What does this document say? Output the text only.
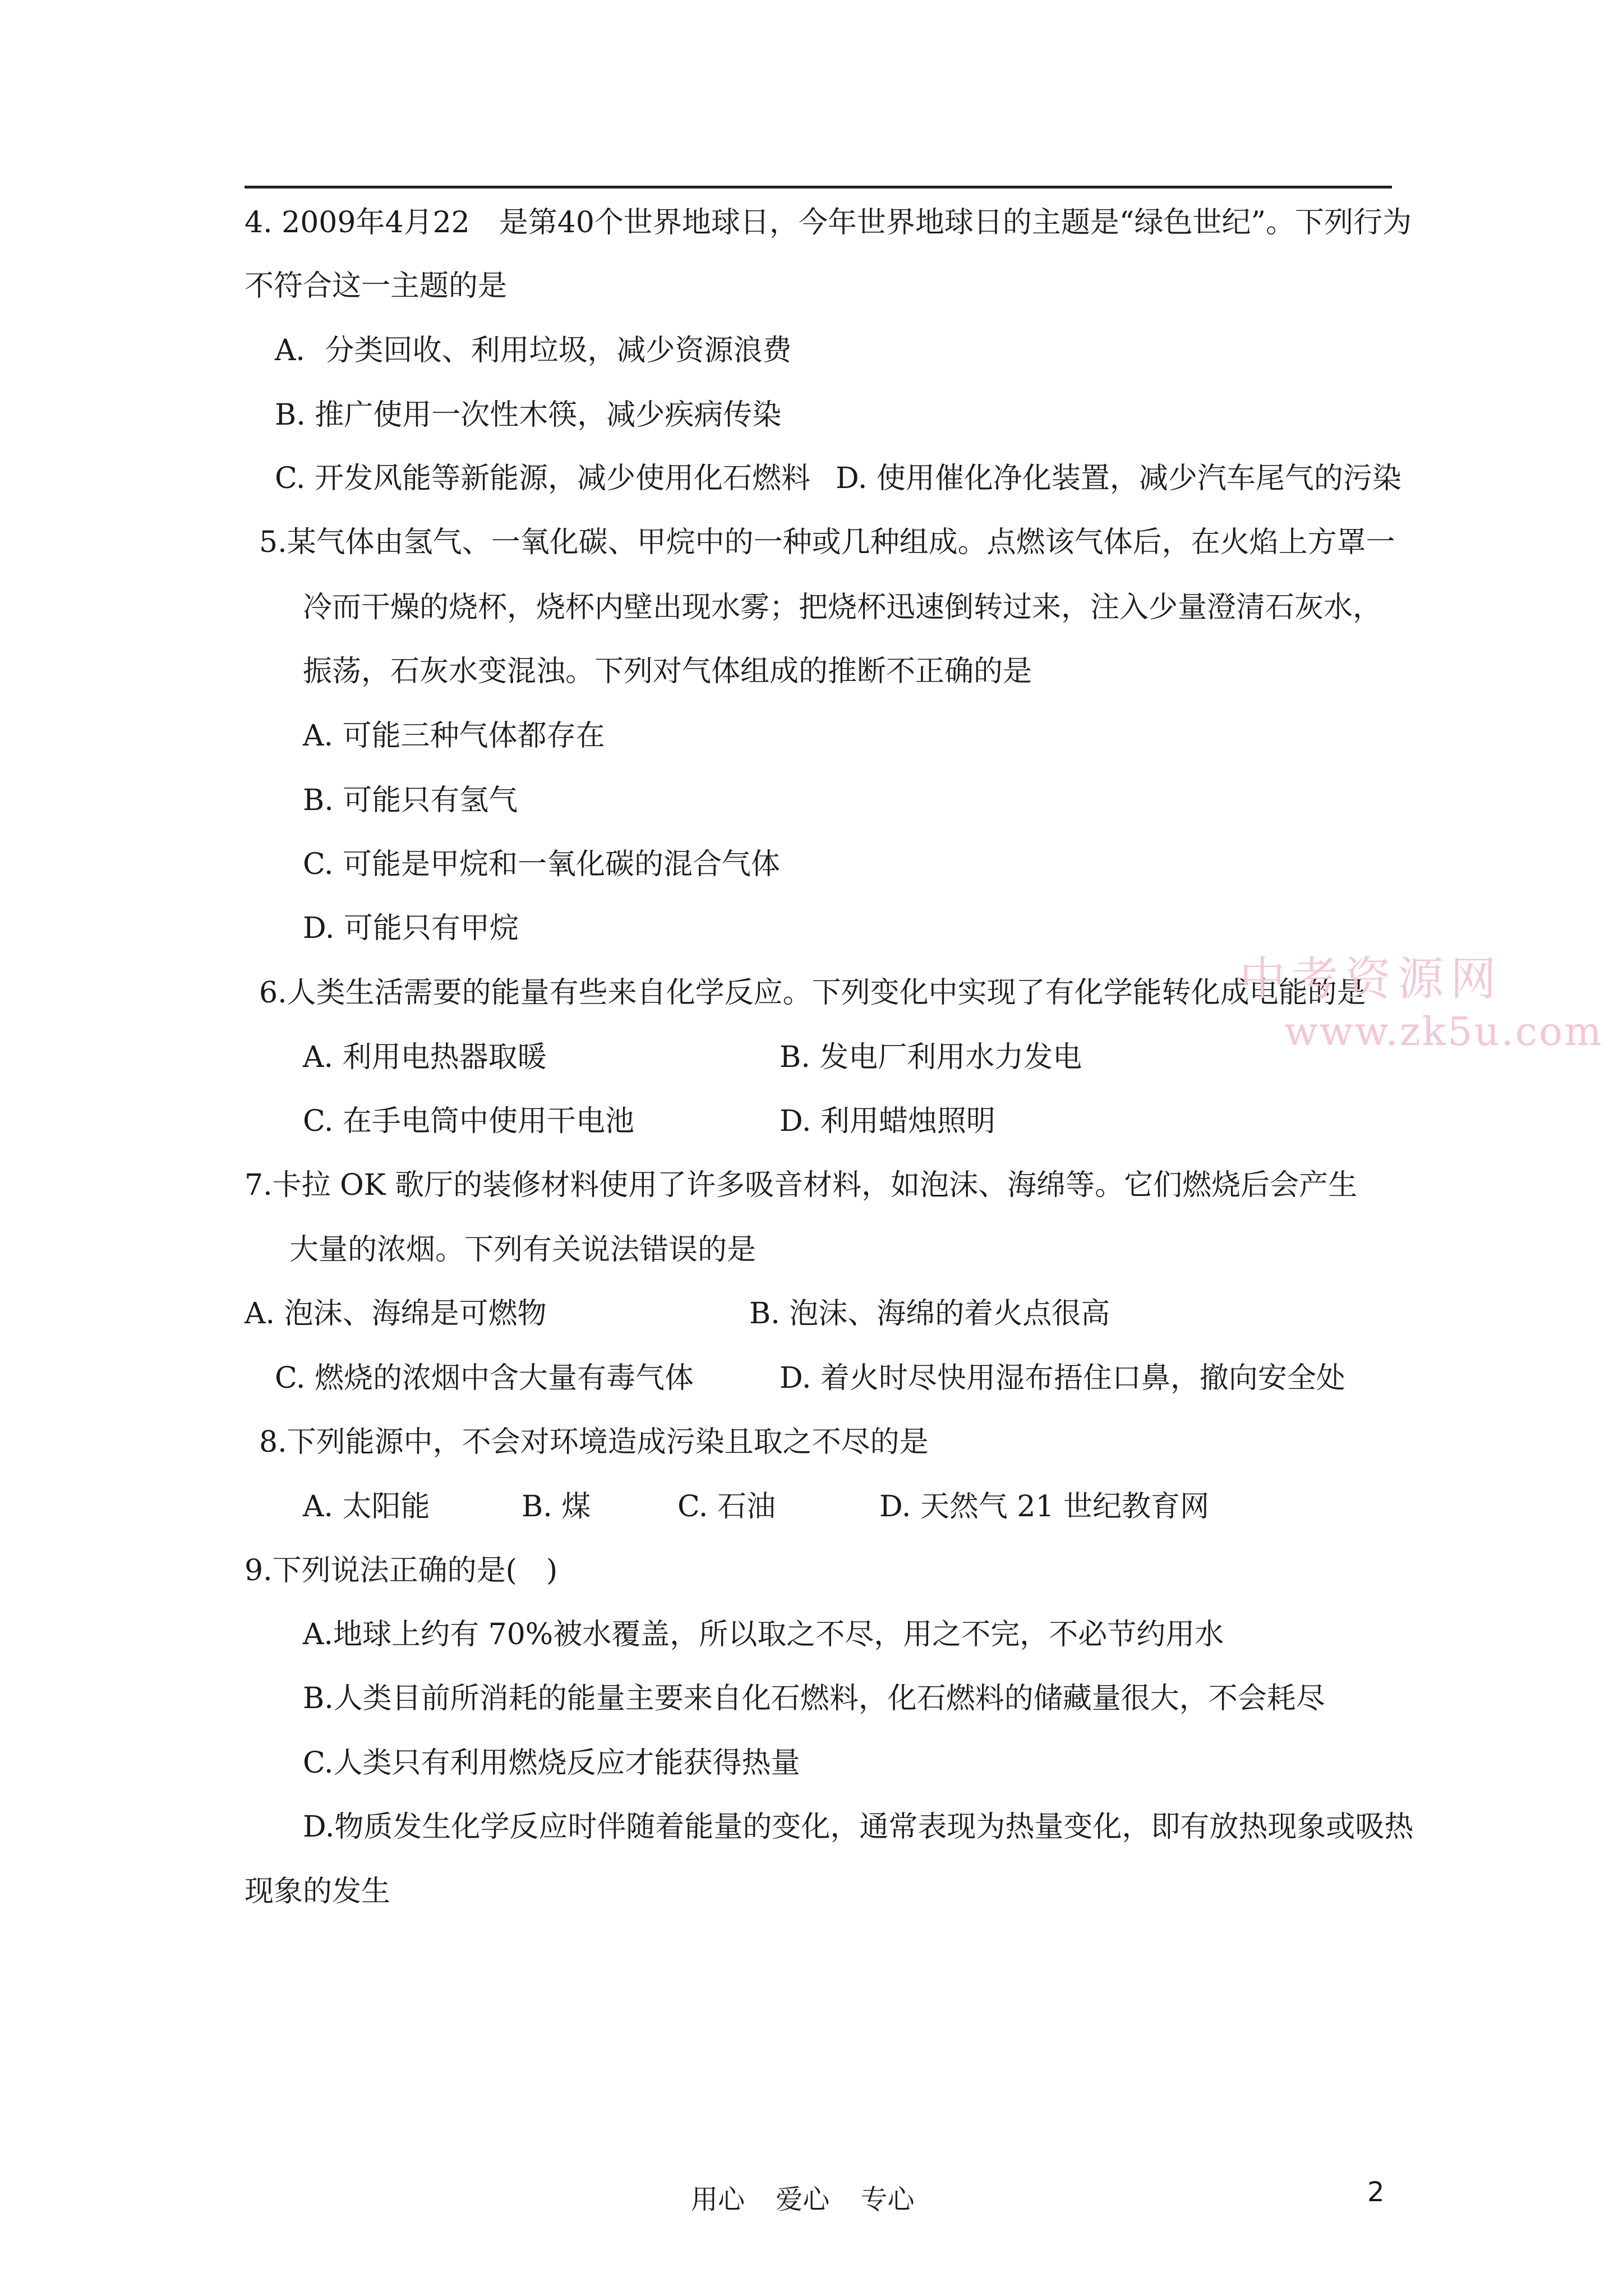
4. 2009年4月22　是第40个世界地球日，今年世界地球日的主题是“绿色世纪”。下列行为
不符合这一主题的是
A．分类回收、利用垃圾，减少资源浪费
B. 推广使用一次性木筷，减少疾病传染
C. 开发风能等新能源，减少使用化石燃料 D. 使用催化净化装置，减少汽车尾气的污染
5.某气体由氢气、一氧化碳、甲烷中的一种或几种组成。点燃该气体后，在火焰上方罩一
冷而干燥的烧杯，烧杯内壁出现水雾；把烧杯迅速倒转过来，注入少量澄清石灰水，
振荡，石灰水变混浊。下列对气体组成的推断不正确的是
A. 可能三种气体都存在
B. 可能只有氢气
C. 可能是甲烷和一氧化碳的混合气体
D. 可能只有甲烷
6.人类生活需要的能量有些来自化学反应。下列变化中实现了有化学能转化成电能的是
A. 利用电热器取暖	B. 发电厂利用水力发电
C. 在手电筒中使用干电池	D. 利用蜡烛照明
7.卡拉 OK 歌厅的装修材料使用了许多吸音材料，如泡沫、海绵等。它们燃烧后会产生
大量的浓烟。下列有关说法错误的是
A. 泡沫、海绵是可燃物	B. 泡沫、海绵的着火点很高
C. 燃烧的浓烟中含大量有毒气体	D. 着火时尽快用湿布捂住口鼻，撤向安全处
8.下列能源中，不会对环境造成污染且取之不尽的是
A. 太阳能	B. 煤	C. 石油	D. 天然气 21 世纪教育网
9.下列说法正确的是(　)
A.地球上约有 70%被水覆盖，所以取之不尽，用之不完，不必节约用水
B.人类目前所消耗的能量主要来自化石燃料，化石燃料的储藏量很大，不会耗尽
C.人类只有利用燃烧反应才能获得热量
D.物质发生化学反应时伴随着能量的变化，通常表现为热量变化，即有放热现象或吸热
现象的发生
中考资源网
www.zk5u.com
用心 爱心 专心	2
